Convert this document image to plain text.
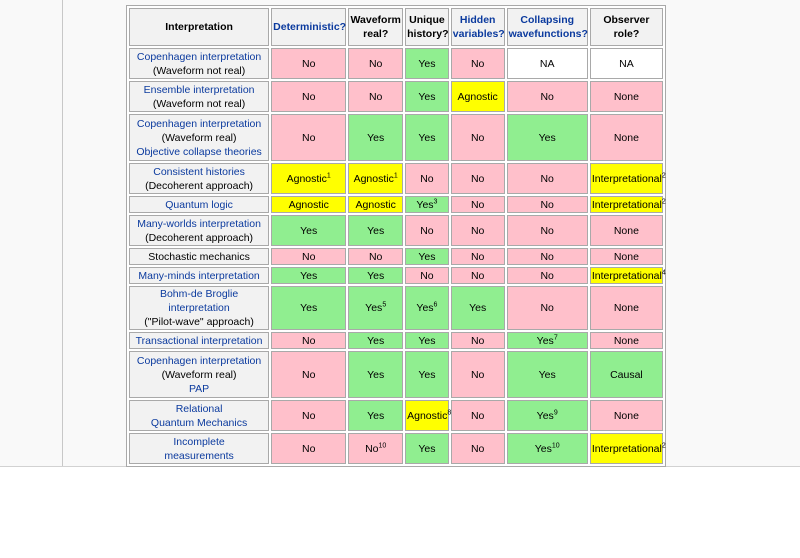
Interpretation	Deterministic?	Waveform real?	Unique history?	Hidden variables?	Collapsing wavefunctions?	Observer role?
Copenhagen interpretation
(Waveform not real)	No	No	Yes	No	NA	NA
Ensemble interpretation
(Waveform not real)	No	No	Yes	Agnostic	No	None
Copenhagen interpretation
(Waveform real)
Objective collapse theories	No	Yes	Yes	No	Yes	None
Consistent histories
(Decoherent approach)	Agnostic$^1$	Agnostic$^1$	No	No	No	Interpretational$^2$
Quantum logic	Agnostic	Agnostic	Yes$^3$	No	No	Interpretational$^2$
Many-worlds interpretation
(Decoherent approach)	Yes	Yes	No	No	No	None
Stochastic mechanics	No	No	Yes	No	No	None
Many-minds interpretation	Yes	Yes	No	No	No	Interpretational$^4$
Bohm-de Broglie interpretation
("Pilot-wave" approach)	Yes	Yes$^5$	Yes$^6$	Yes	No	None
Transactional interpretation	No	Yes	Yes	No	Yes$^7$	None
Copenhagen interpretation
(Waveform real)
PAP	No	Yes	Yes	No	Yes	Causal
Relational
Quantum Mechanics	No	Yes	Agnostic$^8$	No	Yes$^9$	None
Incomplete
measurements	No	No$^{10}$	Yes	No	Yes$^{10}$	Interpretational$^2$
